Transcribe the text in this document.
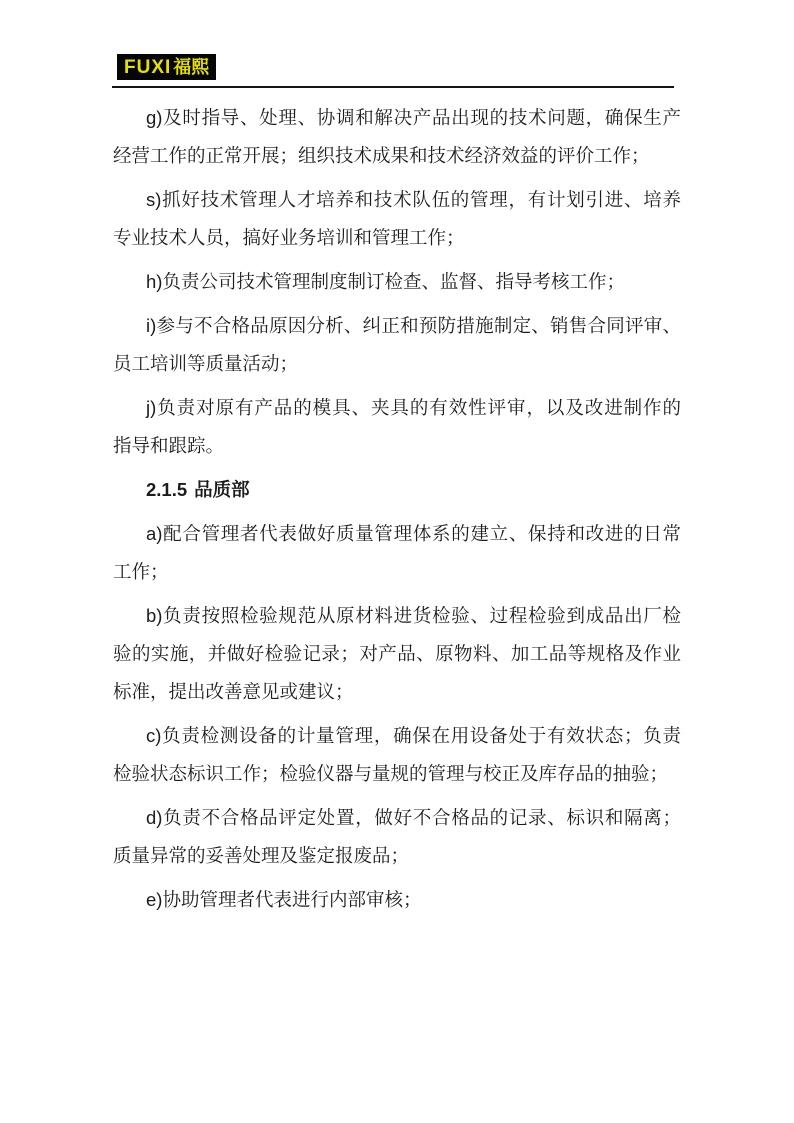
FUXI 福熙

g)及时指导、处理、协调和解决产品出现的技术问题，确保生产
经营工作的正常开展；组织技术成果和技术经济效益的评价工作；

s)抓好技术管理人才培养和技术队伍的管理，有计划引进、培养
专业技术人员，搞好业务培训和管理工作；

h)负责公司技术管理制度制订检查、监督、指导考核工作；

i)参与不合格品原因分析、纠正和预防措施制定、销售合同评审、
员工培训等质量活动；

j)负责对原有产品的模具、夹具的有效性评审，以及改进制作的
指导和跟踪。

2.1.5 品质部

a)配合管理者代表做好质量管理体系的建立、保持和改进的日常
工作；

b)负责按照检验规范从原材料进货检验、过程检验到成品出厂检
验的实施，并做好检验记录；对产品、原物料、加工品等规格及作业
标准，提出改善意见或建议；

c)负责检测设备的计量管理，确保在用设备处于有效状态；负责
检验状态标识工作；检验仪器与量规的管理与校正及库存品的抽验；

d)负责不合格品评定处置，做好不合格品的记录、标识和隔离；
质量异常的妥善处理及鉴定报废品；

e)协助管理者代表进行内部审核；
